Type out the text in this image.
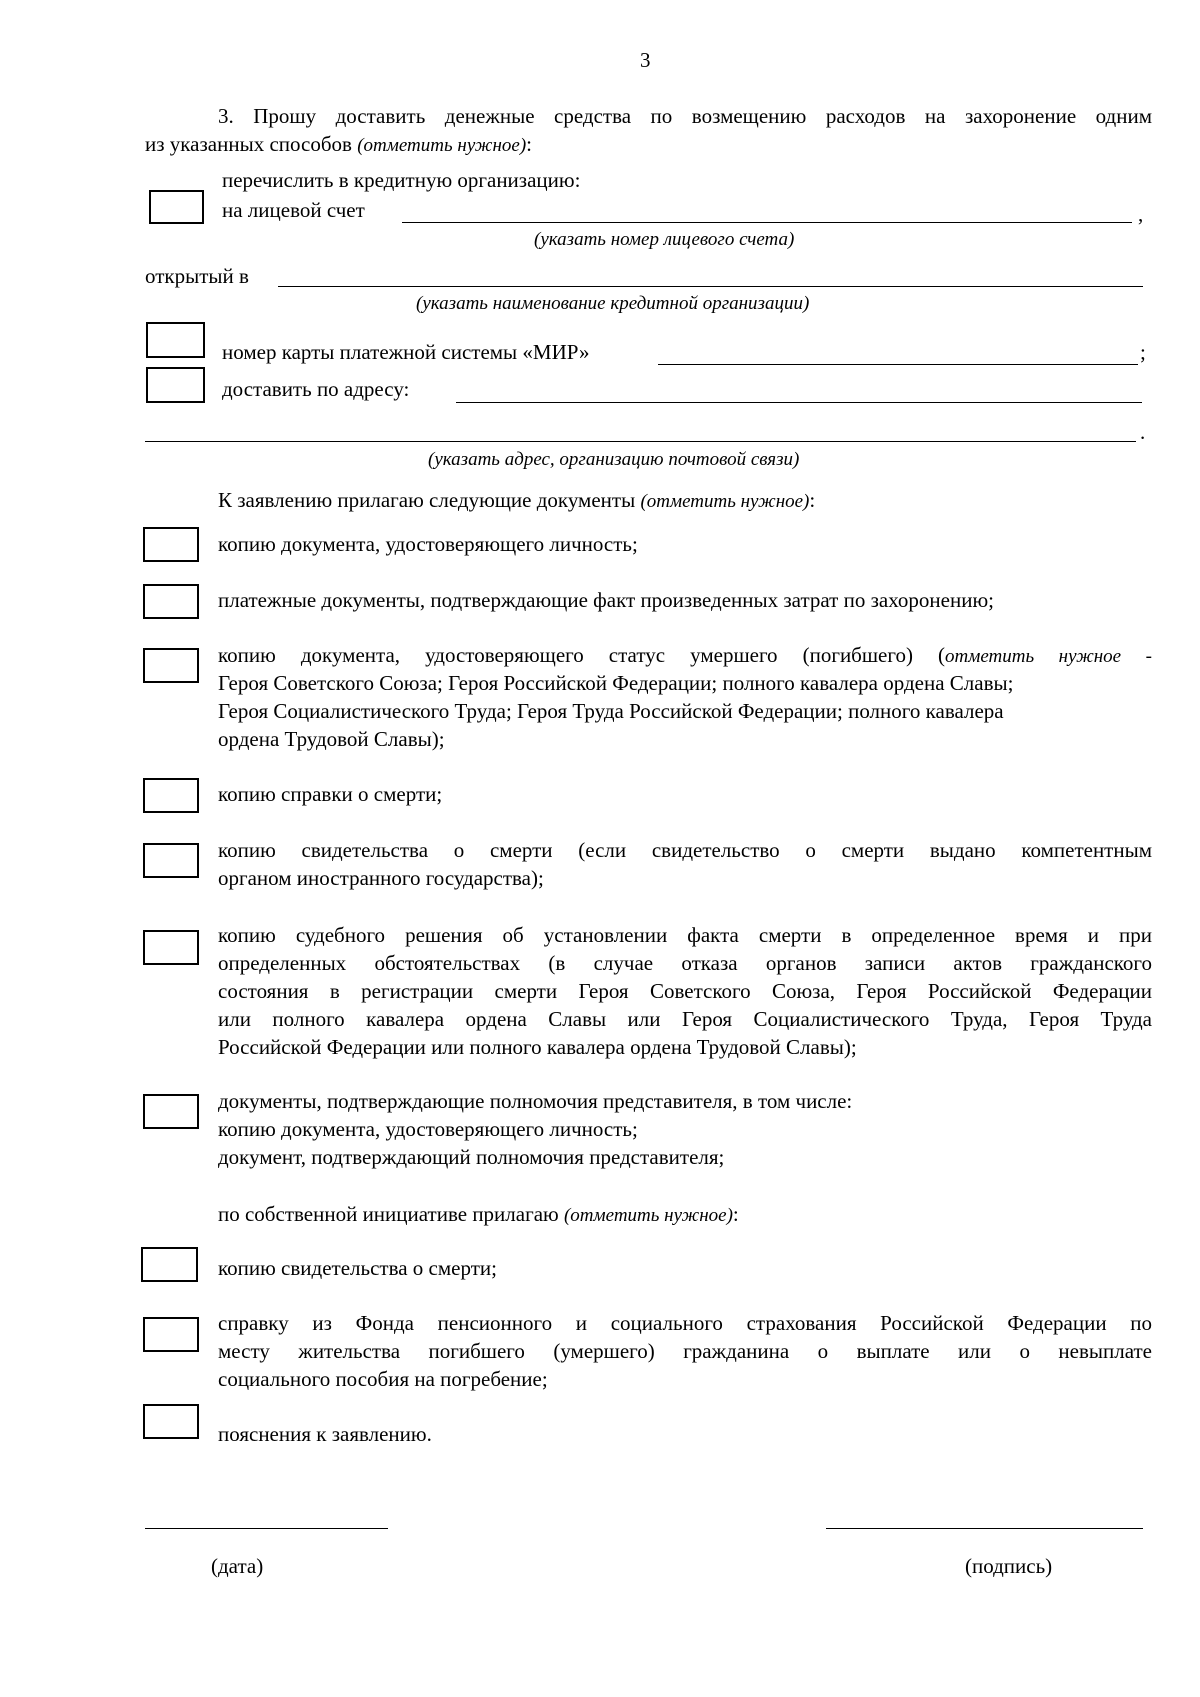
3
3. Прошу доставить денежные средства по возмещению расходов на захоронение одним
из указанных способов (отметить нужное):
перечислить в кредитную организацию:
на лицевой счет	,
(указать номер лицевого счета)
открытый в
(указать наименование кредитной организации)
номер карты платежной системы «МИР»	;
доставить по адресу:
.
(указать адрес, организацию почтовой связи)
К заявлению прилагаю следующие документы (отметить нужное):
копию документа, удостоверяющего личность;
платежные документы, подтверждающие факт произведенных затрат по захоронению;
копию документа, удостоверяющего статус умершего (погибшего) (отметить нужное -
Героя Советского Союза; Героя Российской Федерации; полного кавалера ордена Славы;
Героя Социалистического Труда; Героя Труда Российской Федерации; полного кавалера
ордена Трудовой Славы);
копию справки о смерти;
копию свидетельства о смерти (если свидетельство о смерти выдано компетентным
органом иностранного государства);
копию судебного решения об установлении факта смерти в определенное время и при
определенных обстоятельствах (в случае отказа органов записи актов гражданского
состояния в регистрации смерти Героя Советского Союза, Героя Российской Федерации
или полного кавалера ордена Славы или Героя Социалистического Труда, Героя Труда
Российской Федерации или полного кавалера ордена Трудовой Славы);
документы, подтверждающие полномочия представителя, в том числе:
копию документа, удостоверяющего личность;
документ, подтверждающий полномочия представителя;
по собственной инициативе прилагаю (отметить нужное):
копию свидетельства о смерти;
справку из Фонда пенсионного и социального страхования Российской Федерации по
месту жительства погибшего (умершего) гражданина о выплате или о невыплате
социального пособия на погребение;
пояснения к заявлению.
(дата)	(подпись)
